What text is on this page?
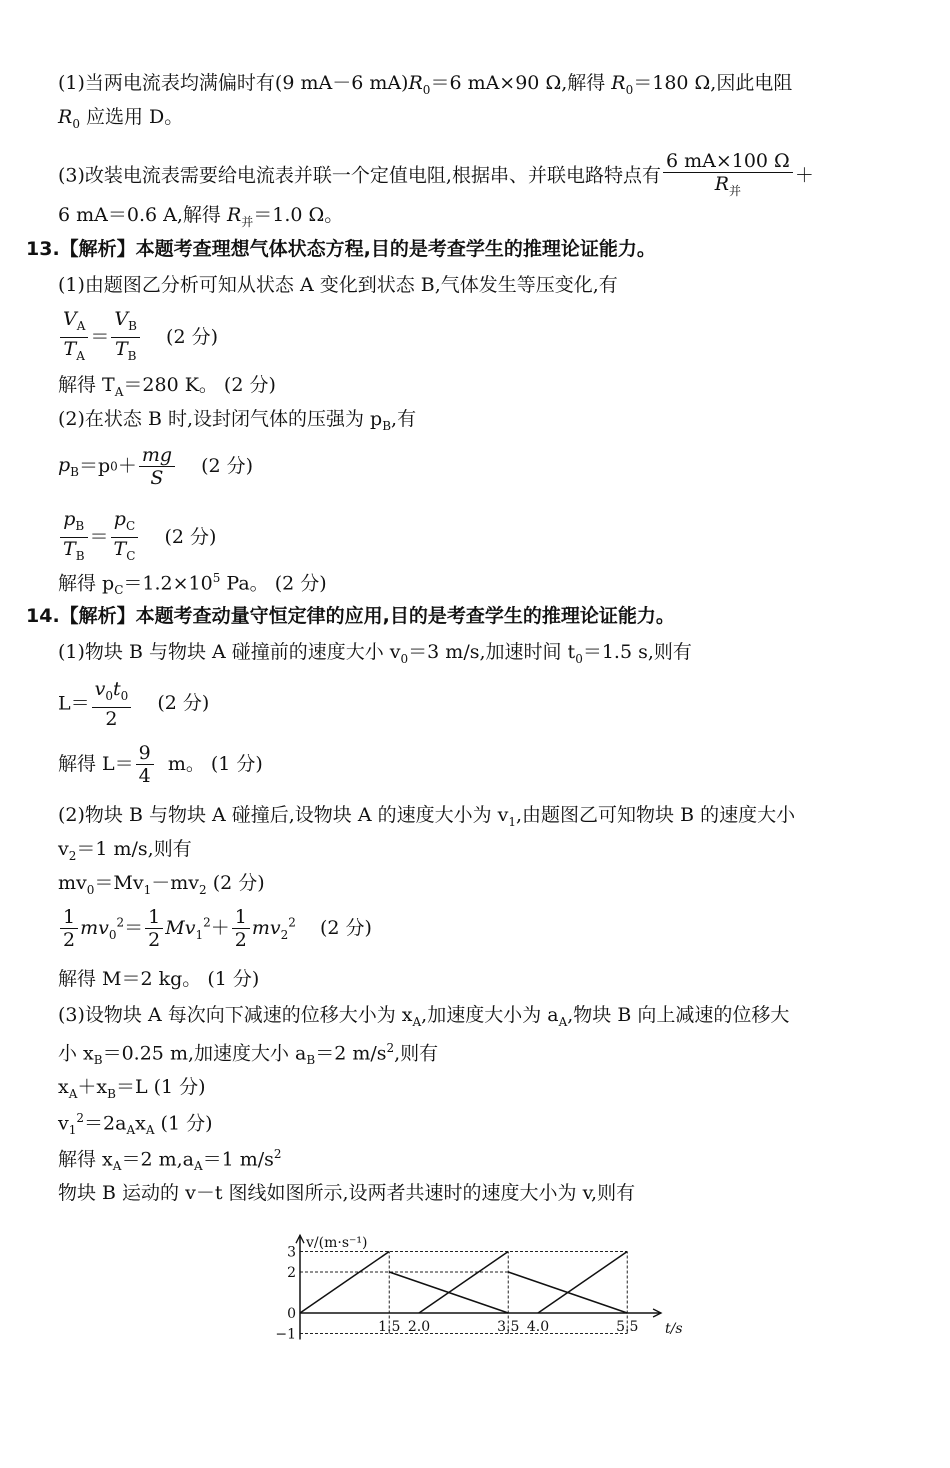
(1)当两电流表均满偏时有(9 mA－6 $mA)R_0=6$ mA×90 Ω,解得 $R_0=180$ Ω,因此电阻
$R_0$ 应选用 D。
(3)改装电流表需要给电流表并联一个定值电阻,根据串、并联电路特点有 $\frac{6 mA\times 100 \Omega}{R_并}$ ＋
6 mA＝0.6 A,解得 $R_并=1.0$ Ω。
13.【解析】本题考查理想气体状态方程,目的是考查学生的推理论证能力。
(1)由题图乙分析可知从状态 A 变化到状态 B,气体发生等压变化,有
$\frac{V_A}{T_A} = \frac{V_B}{T_B} (2$ 分)
解得 $T_A=280$ K。 (2 分)
(2)在状态 B 时,设封闭气体的压强为 $p_B$,有
$p_B=p0+ \frac{mg}{S} (2$ 分)
$\frac{p_B}{T_B} = \frac{p_C}{T_C} (2$ 分)
解得 $p_C=1.2\times 10^5$ Pa。 (2 分)
14.【解析】本题考查动量守恒定律的应用,目的是考查学生的推理论证能力。
(1)物块 B 与物块 A 碰撞前的速度大小 $v_0=3$ m/s,加速时间 $t_0=1.5$ s,则有
$L= \frac{v_0t_0}{2} (2$ 分)
解得 $L= \frac{9}{4}$ m。 (1 分)
(2)物块 B 与物块 A 碰撞后,设物块 A 的速度大小为 $v_1$,由题图乙可知物块 B 的速度大小
$v_2=1$ m/s,则有
$mv_0=Mv_1-mv_2$ (2 分)
$\frac{1}{2} mv_0^2= \frac{1}{2} Mv_1^2+ \frac{1}{2} mv_2^2$ (2 分)
解得 M＝2 kg。 (1 分)
(3)设物块 A 每次向下减速的位移大小为 $x_A$,加速度大小为 $a_A$,物块 B 向上减速的位移大
小 $x_B=0.25$ m,加速度大小 $a_B=2$ $m/s^2$,则有
$x_A+x_B=L$ (1 分)
$v_1^2=2a_Ax_A$ (1 分)
解得 $x_A=2$ $m,a_A=1$ $m/s^2$
物块 B 运动的 v－t 图线如图所示,设两者共速时的速度大小为 v,则有
v/(m·s⁻¹)
t/s
1.5 2.0	3.5 4.0	5.5
3
2
0
−1
